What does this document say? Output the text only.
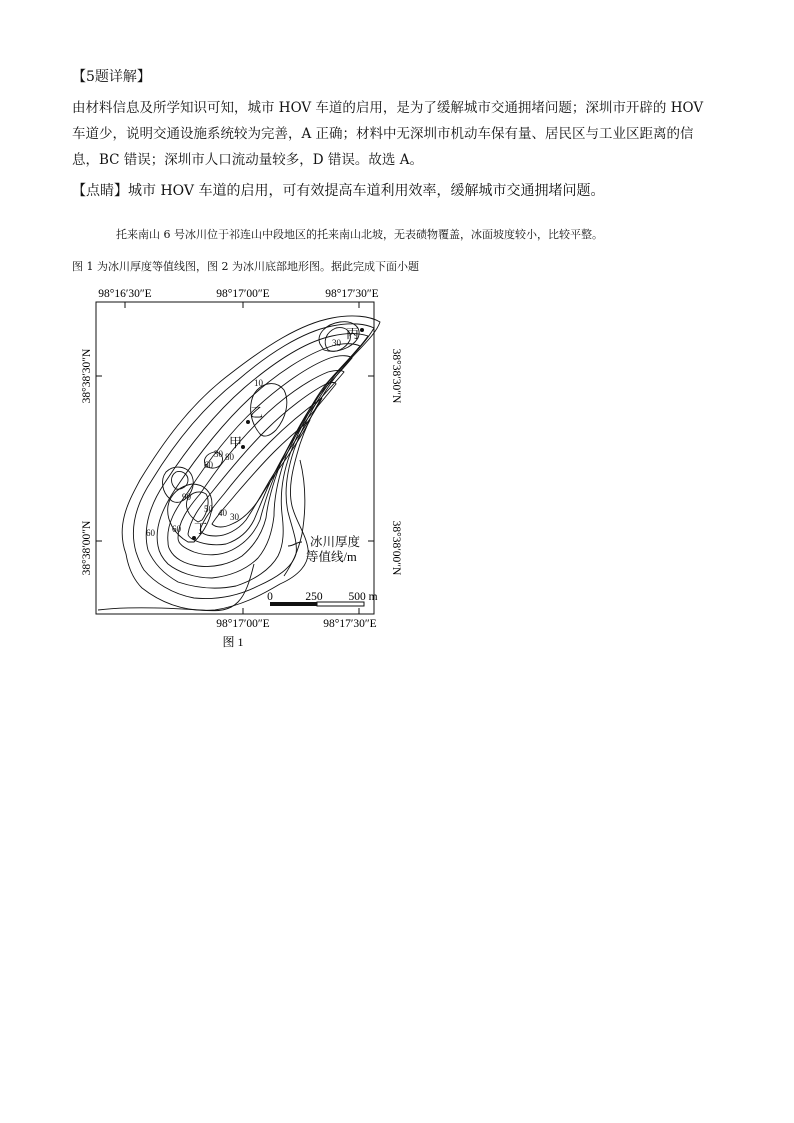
【5题详解】

由材料信息及所学知识可知，城市 HOV 车道的启用，是为了缓解城市交通拥堵问题；深圳市开辟的 HOV

车道少，说明交通设施系统较为完善，A 正确；材料中无深圳市机动车保有量、居民区与工业区距离的信

息，BC 错误；深圳市人口流动量较多，D 错误。故选 A。

【点睛】城市 HOV 车道的启用，可有效提高车道利用效率，缓解城市交通拥堵问题。

托来南山 6 号冰川位于祁连山中段地区的托来南山北坡，无表碛物覆盖，冰面坡度较小，比较平整。
图 1 为冰川厚度等值线图，图 2 为冰川底部地形图。据此完成下面小题
98°16′30″E	98°17′00″E	98°17′30″E
98°17′00″E	98°17′30″E
38°38′30″N
38°38′00″N
38°38′30″N
38°38′00″N
10
30
60
80
30
50 40 30
60 60
90
丙
乙
甲
丁
冰川厚度
等值线/m
0	250 500 m
图 1
